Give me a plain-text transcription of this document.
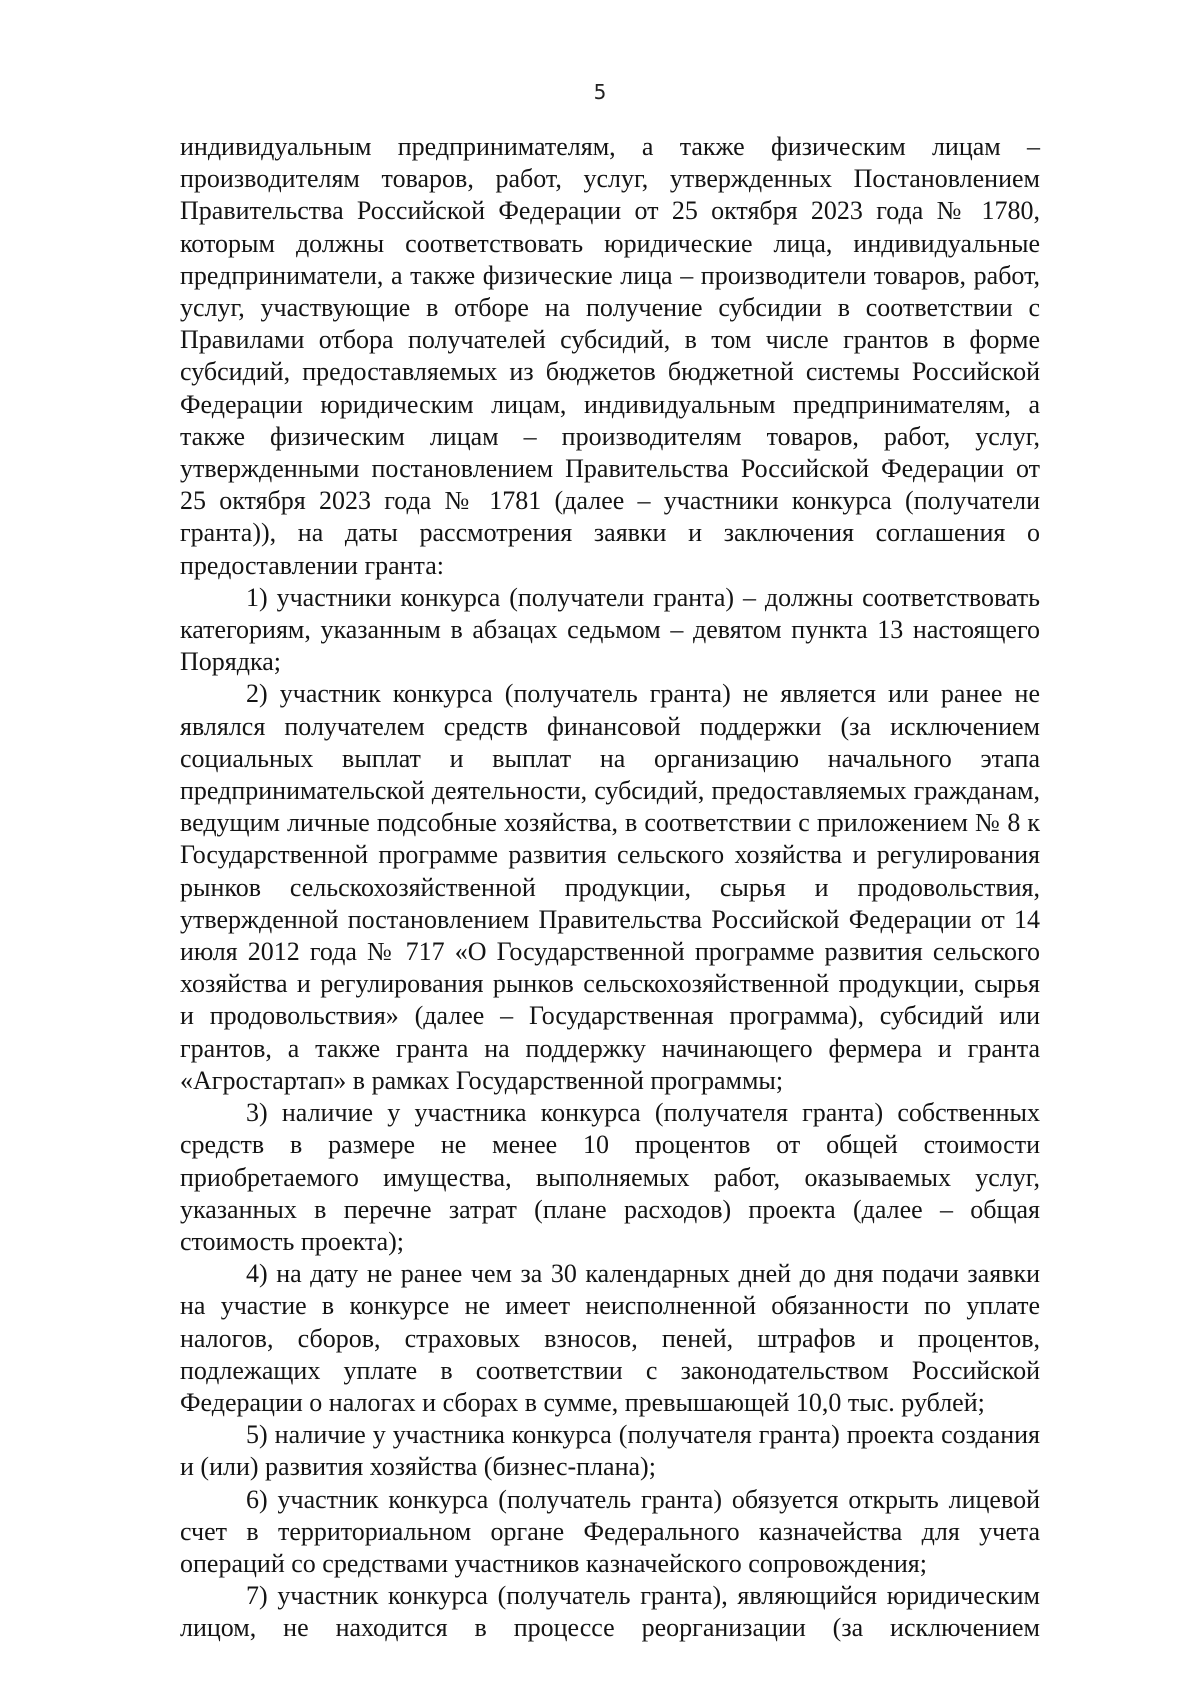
5

индивидуальным предпринимателям, а также физическим лицам – производителям товаров, работ, услуг, утвержденных Постановлением Правительства Российской Федерации от 25 октября 2023 года № 1780, которым должны соответствовать юридические лица, индивидуальные предприниматели, а также физические лица – производители товаров, работ, услуг, участвующие в отборе на получение субсидии в соответствии с Правилами отбора получателей субсидий, в том числе грантов в форме субсидий, предоставляемых из бюджетов бюджетной системы Российской Федерации юридическим лицам, индивидуальным предпринимателям, а также физическим лицам – производителям товаров, работ, услуг, утвержденными постановлением Правительства Российской Федерации от 25 октября 2023 года № 1781 (далее – участники конкурса (получатели гранта)), на даты рассмотрения заявки и заключения соглашения о предоставлении гранта:

1) участники конкурса (получатели гранта) – должны соответствовать категориям, указанным в абзацах седьмом – девятом пункта 13 настоящего Порядка;

2) участник конкурса (получатель гранта) не является или ранее не являлся получателем средств финансовой поддержки (за исключением социальных выплат и выплат на организацию начального этапа предпринимательской деятельности, субсидий, предоставляемых гражданам, ведущим личные подсобные хозяйства, в соответствии с приложением № 8 к Государственной программе развития сельского хозяйства и регулирования рынков сельскохозяйственной продукции, сырья и продовольствия, утвержденной постановлением Правительства Российской Федерации от 14 июля 2012 года № 717 «О Государственной программе развития сельского хозяйства и регулирования рынков сельскохозяйственной продукции, сырья и продовольствия» (далее – Государственная программа), субсидий или грантов, а также гранта на поддержку начинающего фермера и гранта «Агростартап» в рамках Государственной программы;

3) наличие у участника конкурса (получателя гранта) собственных средств в размере не менее 10 процентов от общей стоимости приобретаемого имущества, выполняемых работ, оказываемых услуг, указанных в перечне затрат (плане расходов) проекта (далее – общая стоимость проекта);

4) на дату не ранее чем за 30 календарных дней до дня подачи заявки на участие в конкурсе не имеет неисполненной обязанности по уплате налогов, сборов, страховых взносов, пеней, штрафов и процентов, подлежащих уплате в соответствии с законодательством Российской Федерации о налогах и сборах в сумме, превышающей 10,0 тыс. рублей;

5) наличие у участника конкурса (получателя гранта) проекта создания и (или) развития хозяйства (бизнес-плана);

6) участник конкурса (получатель гранта) обязуется открыть лицевой счет в территориальном органе Федерального казначейства для учета операций со средствами участников казначейского сопровождения;

7) участник конкурса (получатель гранта), являющийся юридическим лицом, не находится в процессе реорганизации (за исключением
